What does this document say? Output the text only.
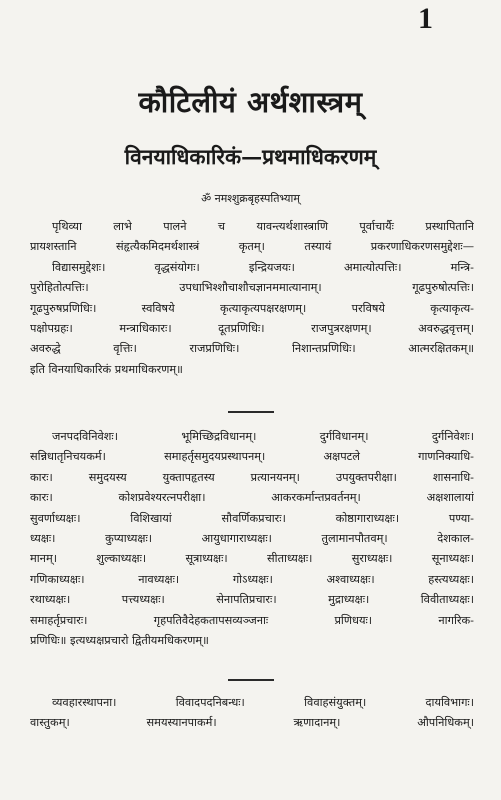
1
कौटिलीयं अर्थशास्त्रम्
विनयाधिकारिकं—प्रथमाधिकरणम्
ॐ नमश्शुक्रबृहस्पतिभ्याम्
पृथिव्या लाभे पालने च यावन्त्यर्थशास्त्राणि पूर्वाचार्यैः प्रस्थापितानि
प्रायशस्तानि संहृत्यैकमिदमर्थशास्त्रं कृतम्। तस्यायं प्रकरणाधिकरणसमुद्देशः—
विद्यासमुद्देशः। वृद्धसंयोगः। इन्द्रियजयः। अमात्योत्पत्तिः। मन्त्रि-
पुरोहितोत्पत्तिः। उपधाभिश्शौचाशौचज्ञानममात्यानाम्। गूढपुरुषोत्पत्तिः।
गूढपुरुषप्रणिधिः। स्वविषये कृत्याकृत्यपक्षरक्षणम्। परविषये कृत्याकृत्य-
पक्षोपग्रहः। मन्त्राधिकारः। दूतप्रणिधिः। राजपुत्ररक्षणम्। अवरुद्धवृत्तम्।
अवरुद्धे वृत्तिः। राजप्रणिधिः। निशान्तप्रणिधिः। आत्मरक्षितकम्॥
इति विनयाधिकारिकं प्रथमाधिकरणम्॥
जनपदविनिवेशः। भूमिच्छिद्रविधानम्। दुर्गविधानम्। दुर्गनिवेशः।
सन्निधातृनिचयकर्म। समाहर्तृसमुदयप्रस्थापनम्। अक्षपटले गाणनिक्याधि-
कारः। समुदयस्य युक्तापहृतस्य प्रत्यानयनम्। उपयुक्तपरीक्षा। शासनाधि-
कारः। कोशप्रवेश्यरत्नपरीक्षा। आकरकर्मान्तप्रवर्तनम्। अक्षशालायां
सुवर्णाध्यक्षः। विशिखायां सौवर्णिकप्रचारः। कोष्ठागाराध्यक्षः। पण्या-
ध्यक्षः। कुप्याध्यक्षः। आयुधागाराध्यक्षः। तुलामानपौतवम्। देशकाल-
मानम्। शुल्काध्यक्षः। सूत्राध्यक्षः। सीताध्यक्षः। सुराध्यक्षः। सूनाध्यक्षः।
गणिकाध्यक्षः। नावध्यक्षः। गोऽध्यक्षः। अश्वाध्यक्षः। हस्त्यध्यक्षः।
रथाध्यक्षः। पत्त्यध्यक्षः। सेनापतिप्रचारः। मुद्राध्यक्षः। विवीताध्यक्षः।
समाहर्तृप्रचारः। गृहपतिवैदेहकतापसव्यञ्जनाः प्रणिधयः। नागरिक-
प्रणिधिः॥ इत्यध्यक्षप्रचारो द्वितीयमधिकरणम्॥
व्यवहारस्थापना। विवादपदनिबन्धः। विवाहसंयुक्तम्। दायविभागः।
वास्तुकम्। समयस्यानपाकर्म। ऋणादानम्। औपनिधिकम्।
